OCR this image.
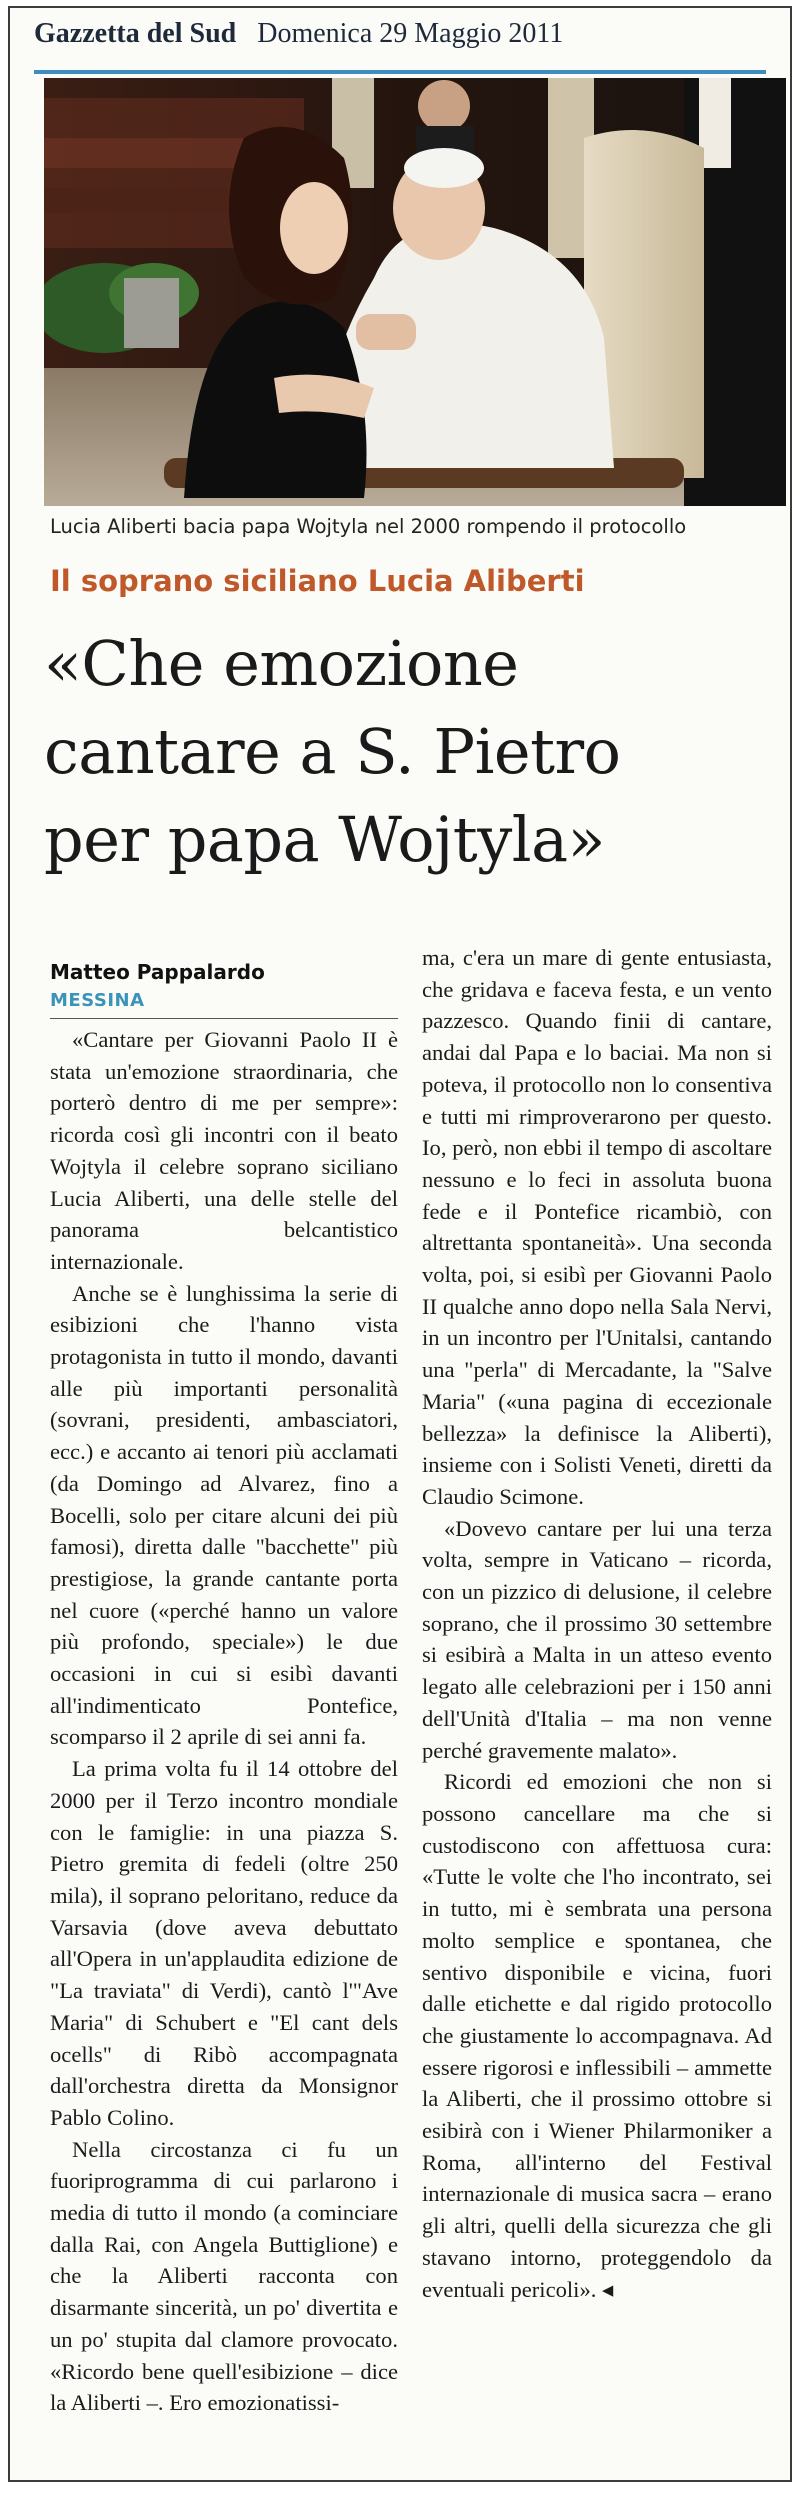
Gazzetta del Sud Domenica 29 Maggio 2011
Lucia Aliberti bacia papa Wojtyla nel 2000 rompendo il protocollo
Il soprano siciliano Lucia Aliberti
«Che emozione
cantare a S. Pietro
per papa Wojtyla»
Matteo Pappalardo
MESSINA

«Cantare per Giovanni Paolo II è stata un'emozione straordinaria, che porterò dentro di me per sempre»: ricorda così gli incontri con il beato Wojtyla il celebre soprano siciliano Lucia Aliberti, una delle stelle del panorama belcantistico internazionale.

Anche se è lunghissima la serie di esibizioni che l'hanno vista protagonista in tutto il mondo, davanti alle più importanti personalità (sovrani, presidenti, ambasciatori, ecc.) e accanto ai tenori più acclamati (da Domingo ad Alvarez, fino a Bocelli, solo per citare alcuni dei più famosi), diretta dalle "bacchette" più prestigiose, la grande cantante porta nel cuore («perché hanno un valore più profondo, speciale») le due occasioni in cui si esibì davanti all'indimenticato Pontefice, scomparso il 2 aprile di sei anni fa.

La prima volta fu il 14 ottobre del 2000 per il Terzo incontro mondiale con le famiglie: in una piazza S. Pietro gremita di fedeli (oltre 250 mila), il soprano peloritano, reduce da Varsavia (dove aveva debuttato all'Opera in un'applaudita edizione de "La traviata" di Verdi), cantò l'"Ave Maria" di Schubert e "El cant dels ocells" di Ribò accompagnata dall'orchestra diretta da Monsignor Pablo Colino.

Nella circostanza ci fu un fuoriprogramma di cui parlarono i media di tutto il mondo (a cominciare dalla Rai, con Angela Buttiglione) e che la Aliberti racconta con disarmante sincerità, un po' divertita e un po' stupita dal clamore provocato. «Ricordo bene quell'esibizione – dice la Aliberti –. Ero emozionatissi-

ma, c'era un mare di gente entusiasta, che gridava e faceva festa, e un vento pazzesco. Quando finii di cantare, andai dal Papa e lo baciai. Ma non si poteva, il protocollo non lo consentiva e tutti mi rimproverarono per questo. Io, però, non ebbi il tempo di ascoltare nessuno e lo feci in assoluta buona fede e il Pontefice ricambiò, con altrettanta spontaneità». Una seconda volta, poi, si esibì per Giovanni Paolo II qualche anno dopo nella Sala Nervi, in un incontro per l'Unitalsi, cantando una "perla" di Mercadante, la "Salve Maria" («una pagina di eccezionale bellezza» la definisce la Aliberti), insieme con i Solisti Veneti, diretti da Claudio Scimone.

«Dovevo cantare per lui una terza volta, sempre in Vaticano – ricorda, con un pizzico di delusione, il celebre soprano, che il prossimo 30 settembre si esibirà a Malta in un atteso evento legato alle celebrazioni per i 150 anni dell'Unità d'Italia – ma non venne perché gravemente malato».

Ricordi ed emozioni che non si possono cancellare ma che si custodiscono con affettuosa cura: «Tutte le volte che l'ho incontrato, sei in tutto, mi è sembrata una persona molto semplice e spontanea, che sentivo disponibile e vicina, fuori dalle etichette e dal rigido protocollo che giustamente lo accompagnava. Ad essere rigorosi e inflessibili – ammette la Aliberti, che il prossimo ottobre si esibirà con i Wiener Philarmoniker a Roma, all'interno del Festival internazionale di musica sacra – erano gli altri, quelli della sicurezza che gli stavano intorno, proteggendolo da eventuali pericoli». ◂
